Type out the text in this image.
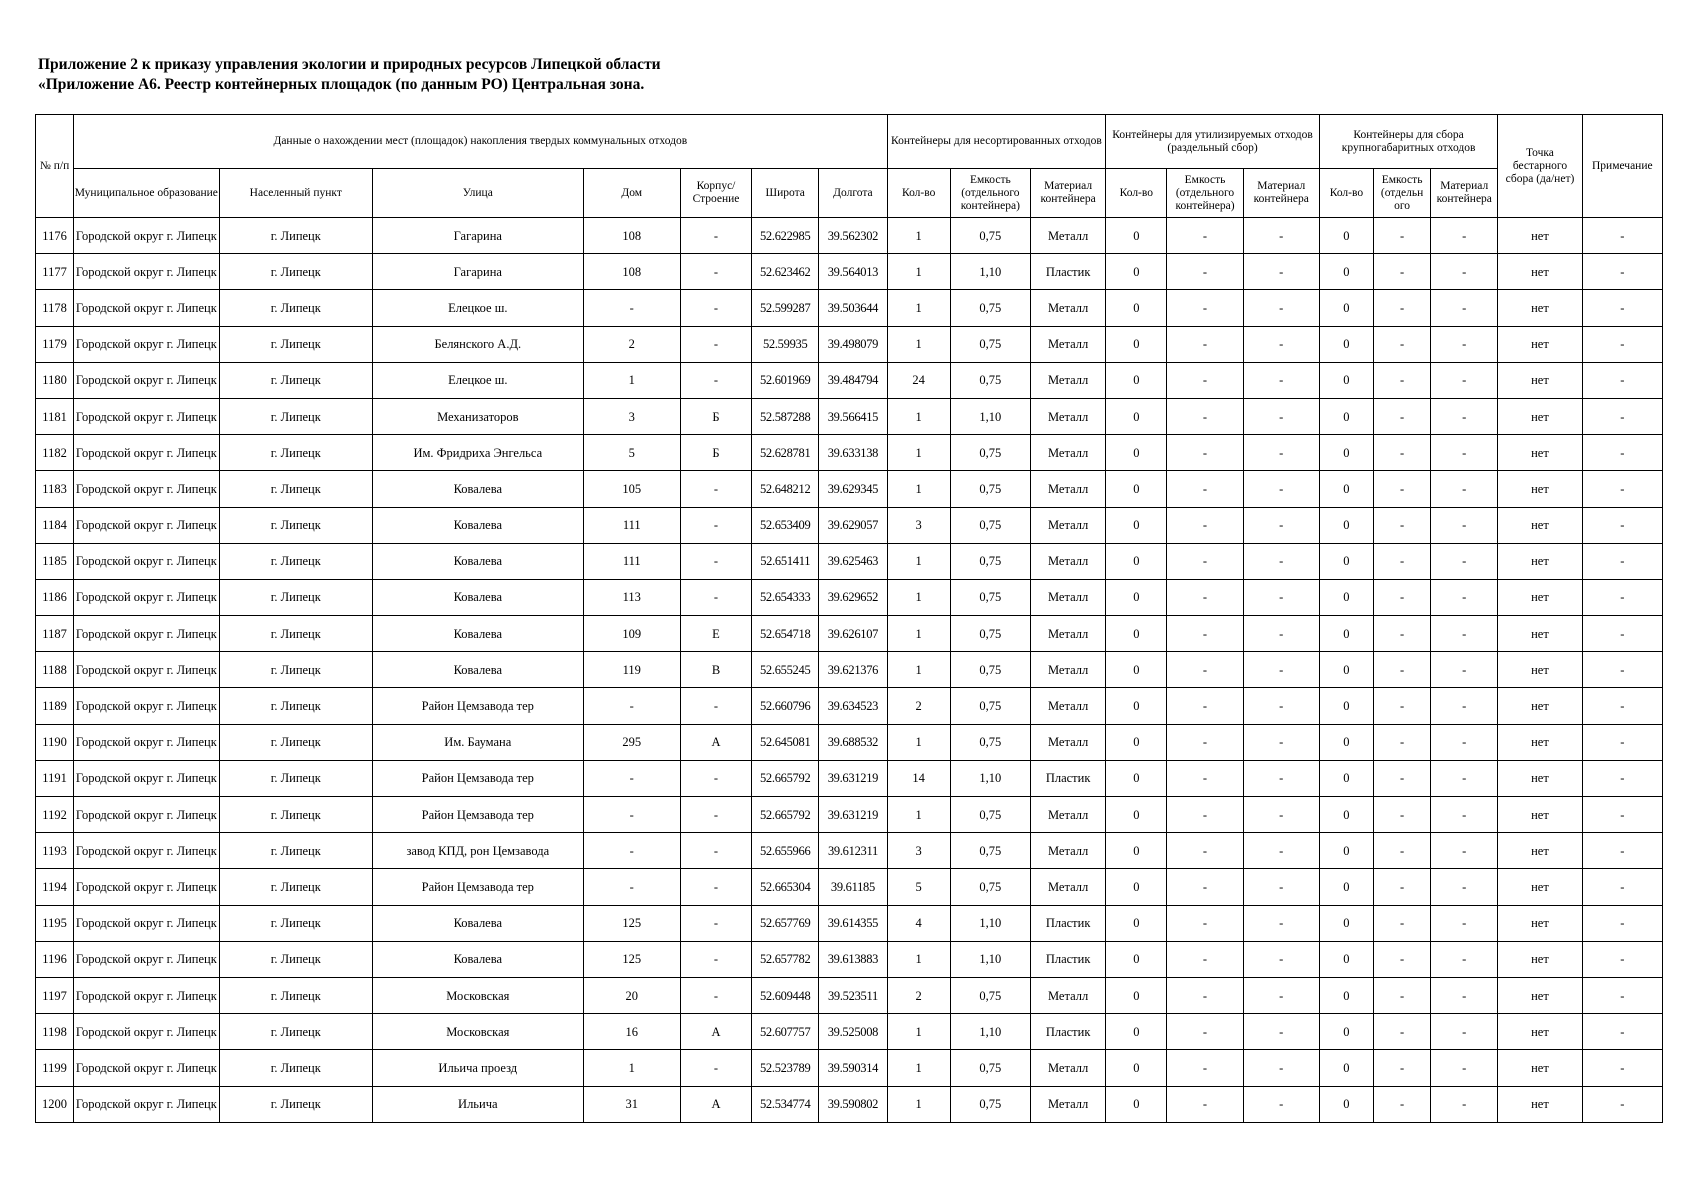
Приложение 2 к приказу управления экологии и природных ресурсов Липецкой области
«Приложение А6. Реестр контейнерных площадок (по данным РО) Центральная зона.
№ п/п	Данные о нахождении мест (площадок) накопления твердых коммунальных отходов							Контейнеры для несортированных отходов			Контейнеры для утилизируемых отходов (раздельный сбор)			Контейнеры для сбора крупногабаритных отходов			Точка бестарного сбора (да/нет)	Примечание
	Муниципальное образование	Населенный пункт	Улица	Дом	Корпус/ Строение	Широта	Долгота	Кол-во	Емкость (отдельного контейнера)	Материал контейнера	Кол-во	Емкость (отдельного контейнера)	Материал контейнера	Кол-во	Емкость (отдельн ого	Материал контейнера		
1176	Городской округ г. Липецк	г. Липецк	Гагарина	108	-	52.622985	39.562302	1	0,75	Металл	0	-	-	0	-	-	нет	-
1177	Городской округ г. Липецк	г. Липецк	Гагарина	108	-	52.623462	39.564013	1	1,10	Пластик	0	-	-	0	-	-	нет	-
1178	Городской округ г. Липецк	г. Липецк	Елецкое ш.	-	-	52.599287	39.503644	1	0,75	Металл	0	-	-	0	-	-	нет	-
1179	Городской округ г. Липецк	г. Липецк	Белянского А.Д.	2	-	52.59935	39.498079	1	0,75	Металл	0	-	-	0	-	-	нет	-
1180	Городской округ г. Липецк	г. Липецк	Елецкое ш.	1	-	52.601969	39.484794	24	0,75	Металл	0	-	-	0	-	-	нет	-
1181	Городской округ г. Липецк	г. Липецк	Механизаторов	3	Б	52.587288	39.566415	1	1,10	Металл	0	-	-	0	-	-	нет	-
1182	Городской округ г. Липецк	г. Липецк	Им. Фридриха Энгельса	5	Б	52.628781	39.633138	1	0,75	Металл	0	-	-	0	-	-	нет	-
1183	Городской округ г. Липецк	г. Липецк	Ковалева	105	-	52.648212	39.629345	1	0,75	Металл	0	-	-	0	-	-	нет	-
1184	Городской округ г. Липецк	г. Липецк	Ковалева	111	-	52.653409	39.629057	3	0,75	Металл	0	-	-	0	-	-	нет	-
1185	Городской округ г. Липецк	г. Липецк	Ковалева	111	-	52.651411	39.625463	1	0,75	Металл	0	-	-	0	-	-	нет	-
1186	Городской округ г. Липецк	г. Липецк	Ковалева	113	-	52.654333	39.629652	1	0,75	Металл	0	-	-	0	-	-	нет	-
1187	Городской округ г. Липецк	г. Липецк	Ковалева	109	Е	52.654718	39.626107	1	0,75	Металл	0	-	-	0	-	-	нет	-
1188	Городской округ г. Липецк	г. Липецк	Ковалева	119	В	52.655245	39.621376	1	0,75	Металл	0	-	-	0	-	-	нет	-
1189	Городской округ г. Липецк	г. Липецк	Район Цемзавода тер	-	-	52.660796	39.634523	2	0,75	Металл	0	-	-	0	-	-	нет	-
1190	Городской округ г. Липецк	г. Липецк	Им. Баумана	295	А	52.645081	39.688532	1	0,75	Металл	0	-	-	0	-	-	нет	-
1191	Городской округ г. Липецк	г. Липецк	Район Цемзавода тер	-	-	52.665792	39.631219	14	1,10	Пластик	0	-	-	0	-	-	нет	-
1192	Городской округ г. Липецк	г. Липецк	Район Цемзавода тер	-	-	52.665792	39.631219	1	0,75	Металл	0	-	-	0	-	-	нет	-
1193	Городской округ г. Липецк	г. Липецк	завод КПД, рон Цемзавода	-	-	52.655966	39.612311	3	0,75	Металл	0	-	-	0	-	-	нет	-
1194	Городской округ г. Липецк	г. Липецк	Район Цемзавода тер	-	-	52.665304	39.61185	5	0,75	Металл	0	-	-	0	-	-	нет	-
1195	Городской округ г. Липецк	г. Липецк	Ковалева	125	-	52.657769	39.614355	4	1,10	Пластик	0	-	-	0	-	-	нет	-
1196	Городской округ г. Липецк	г. Липецк	Ковалева	125	-	52.657782	39.613883	1	1,10	Пластик	0	-	-	0	-	-	нет	-
1197	Городской округ г. Липецк	г. Липецк	Московская	20	-	52.609448	39.523511	2	0,75	Металл	0	-	-	0	-	-	нет	-
1198	Городской округ г. Липецк	г. Липецк	Московская	16	А	52.607757	39.525008	1	1,10	Пластик	0	-	-	0	-	-	нет	-
1199	Городской округ г. Липецк	г. Липецк	Ильича проезд	1	-	52.523789	39.590314	1	0,75	Металл	0	-	-	0	-	-	нет	-
1200	Городской округ г. Липецк	г. Липецк	Ильича	31	А	52.534774	39.590802	1	0,75	Металл	0	-	-	0	-	-	нет	-
